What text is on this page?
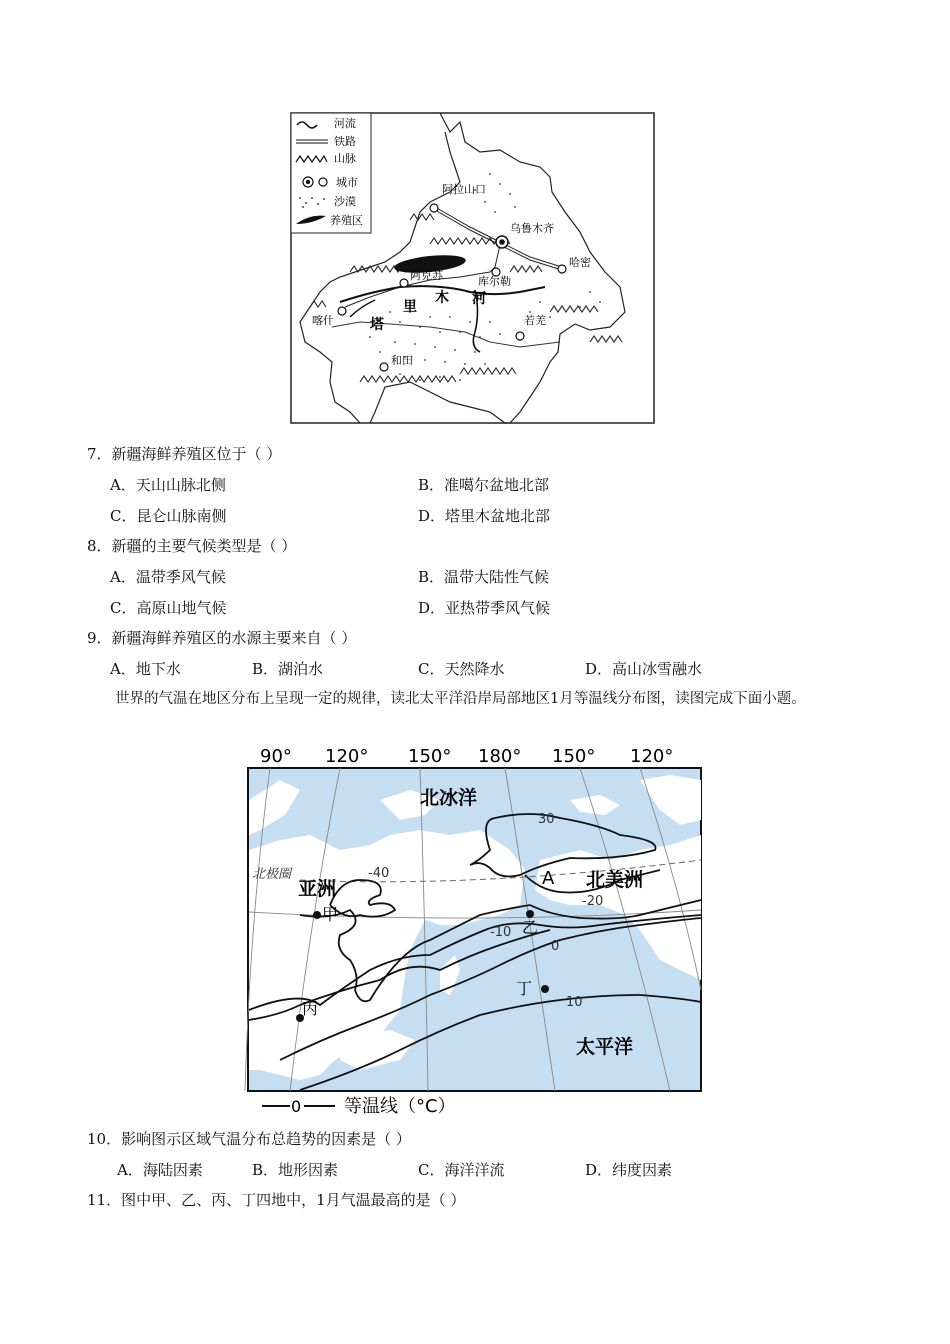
河流
铁路
山脉
城市
沙漠
养殖区
阿拉山口
乌鲁木齐
哈密
阿克苏	库尔勒
喀什	若羌
和田
塔
里
木 河
7．新疆海鲜养殖区位于（ ）
A．天山山脉北侧	B．准噶尔盆地北部
C．昆仑山脉南侧	D．塔里木盆地北部
8．新疆的主要气候类型是（ ）
A．温带季风气候	B．温带大陆性气候
C．高原山地气候	D．亚热带季风气候
9．新疆海鲜养殖区的水源主要来自（ ）
A．地下水	B．湖泊水	C．天然降水	D．高山冰雪融水
世界的气温在地区分布上呈现一定的规律，读北太平洋沿岸局部地区1月等温线分布图，读图完成下面小题。
90° 120° 150° 180° 150° 120°
北极圈
30
-40
-20
-10
0
10
北冰洋
亚洲	北美洲
太平洋
A
甲
乙
丙
丁
0 等温线（°C）
10．影响图示区域气温分布总趋势的因素是（ ）
A．海陆因素	B．地形因素	C．海洋洋流	D．纬度因素
11．图中甲、乙、丙、丁四地中，1月气温最高的是（ ）
